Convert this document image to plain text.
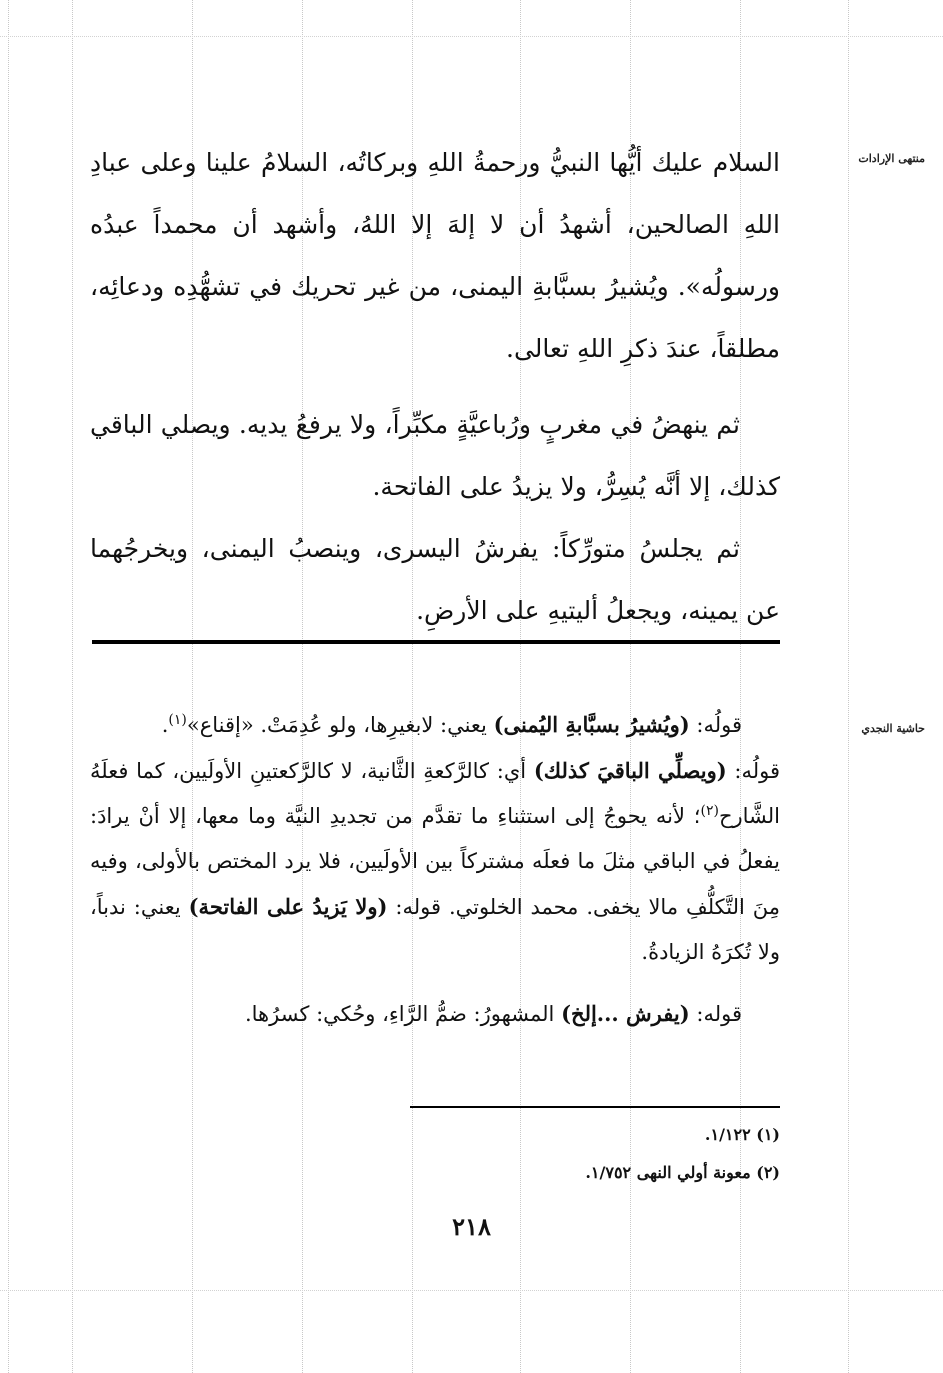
منتهى الإرادات
حاشية النجدي

السلام عليك أيُّها النبيُّ ورحمةُ اللهِ وبركاتُه، السلامُ علينا وعلى عبادِ اللهِ الصالحين، أشهدُ أن لا إلهَ إلا اللهُ، وأشهد أن محمداً عبدُه ورسولُه». ويُشيرُ بسبَّابةِ اليمنى، من غير تحريك في تشهُّدِه ودعائِه، مطلقاً، عندَ ذكرِ اللهِ تعالى.

ثم ينهضُ في مغربٍ ورُباعيَّةٍ مكبِّراً، ولا يرفعُ يديه. ويصلي الباقي كذلك، إلا أنَّه يُسِرُّ، ولا يزيدُ على الفاتحة.

ثم يجلسُ متورِّكاً: يفرشُ اليسرى، وينصبُ اليمنى، ويخرجُهما عن يمينه، ويجعلُ أليتيهِ على الأرضِ.

قولُه: (ويُشيرُ بسبَّابةِ اليُمنى) يعني: لابغيرِها، ولو عُدِمَتْ. «إقناع»$^{(١)}$.

قولُه: (ويصلِّي الباقيَ كذلك) أي: كالرَّكعةِ الثَّانية، لا كالرَّكعتينِ الأولَيين، كما فعلَهُ الشَّارح$^{(٢)}$؛ لأنه يحوجُ إلى استثناءِ ما تقدَّم من تجديدِ النيَّة وما معها، إلا أنْ يرادَ: يفعلُ في الباقي مثلَ ما فعلَه مشتركاً بين الأولَيين، فلا يرد المختص بالأولى، وفيه مِنَ التَّكلُّفِ مالا يخفى. محمد الخلوتي. قوله: (ولا يَزيدُ على الفاتحة) يعني: ندباً، ولا تُكرَهُ الزيادةُ.

قوله: (يفرش ...إلخ) المشهورُ: ضمُّ الرَّاءِ، وحُكي: كسرُها.

(١) ١/١٢٢.

(٢) معونة أولي النهى ١/٧٥٢.

٢١٨
